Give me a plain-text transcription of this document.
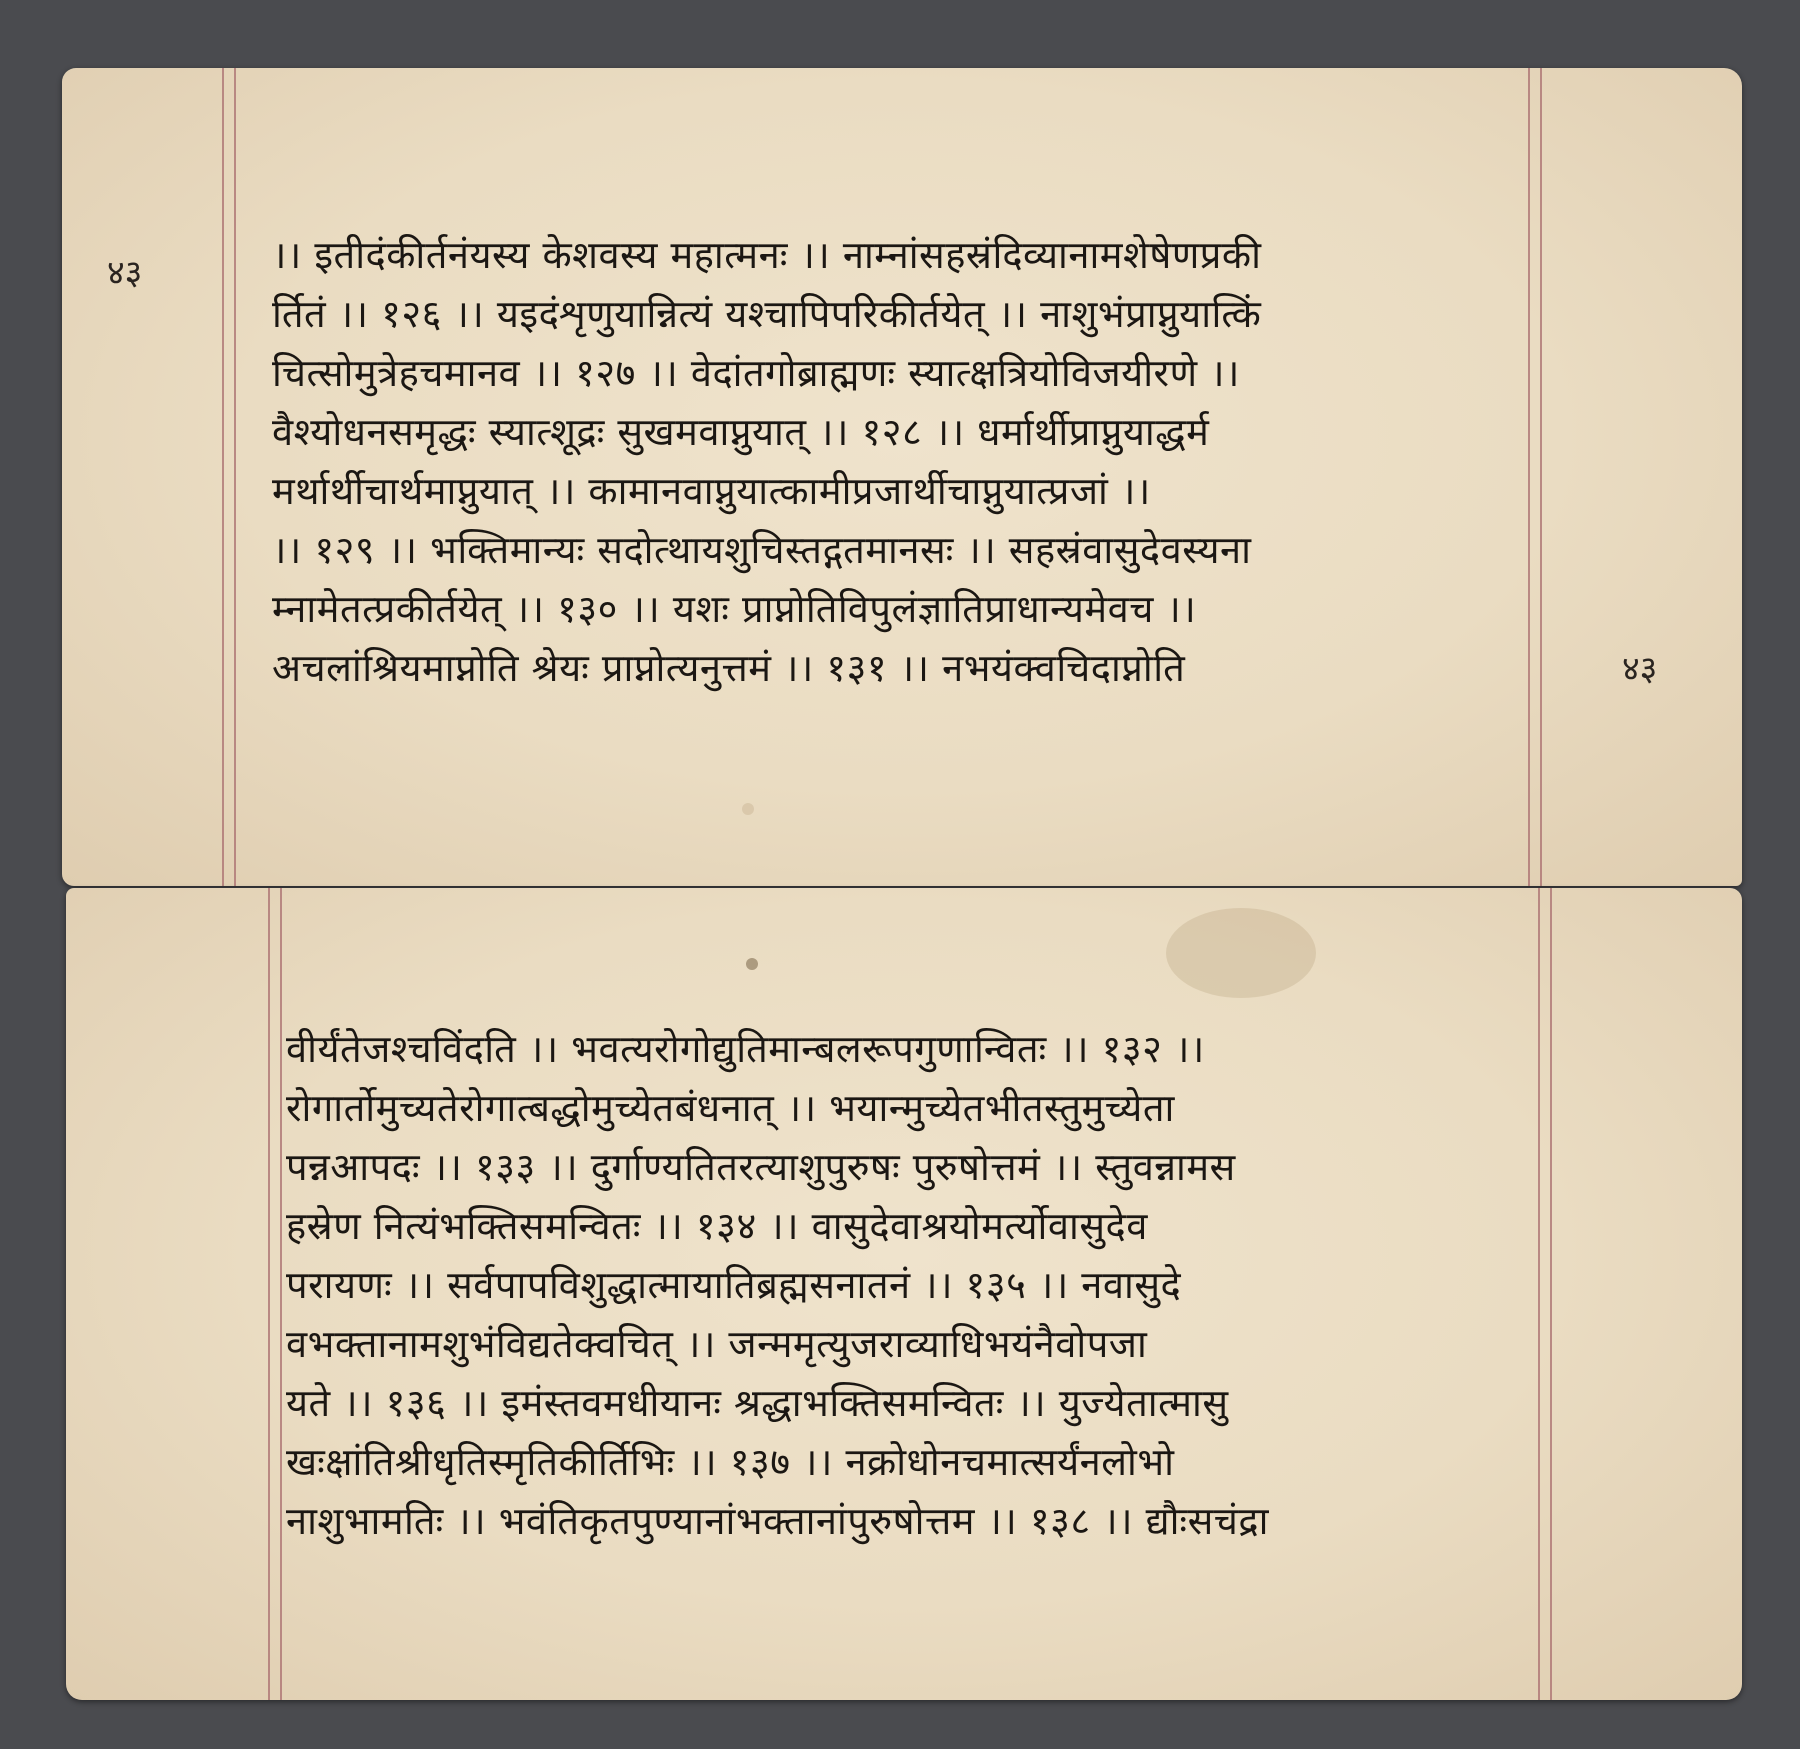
४३
४३
।। इतीदंकीर्तनंयस्य केशवस्य महात्मनः ।। नाम्नांसहस्रंदिव्यानामशेषेणप्रकी
र्तितं ।। १२६ ।। यइदंशृणुयान्नित्यं यश्चापिपरिकीर्तयेत् ।। नाशुभंप्राप्नुयात्किं
चित्सोमुत्रेहचमानव ।। १२७ ।। वेदांतगोब्राह्मणः स्यात्क्षत्रियोविजयीरणे ।।
वैश्योधनसमृद्धः स्यात्शूद्रः सुखमवाप्नुयात् ।। १२८ ।। धर्मार्थीप्राप्नुयाद्धर्म
मर्थार्थीचार्थमाप्नुयात् ।। कामानवाप्नुयात्कामीप्रजार्थीचाप्नुयात्प्रजां ।।
।। १२९ ।। भक्तिमान्यः सदोत्थायशुचिस्तद्गतमानसः ।। सहस्रंवासुदेवस्यना
म्नामेतत्प्रकीर्तयेत् ।। १३० ।। यशः प्राप्नोतिविपुलंज्ञातिप्राधान्यमेवच ।।
अचलांश्रियमाप्नोति श्रेयः प्राप्नोत्यनुत्तमं ।। १३१ ।। नभयंक्वचिदाप्नोति
वीर्यंतेजश्चविंदति ।। भवत्यरोगोद्युतिमान्बलरूपगुणान्वितः ।। १३२ ।।
रोगार्तोमुच्यतेरोगात्बद्धोमुच्येतबंधनात् ।। भयान्मुच्येतभीतस्तुमुच्येता
पन्नआपदः ।। १३३ ।। दुर्गाण्यतितरत्याशुपुरुषः पुरुषोत्तमं ।। स्तुवन्नामस
हस्रेण नित्यंभक्तिसमन्वितः ।। १३४ ।। वासुदेवाश्रयोमर्त्योवासुदेव
परायणः ।। सर्वपापविशुद्धात्मायातिब्रह्मसनातनं ।। १३५ ।। नवासुदे
वभक्तानामशुभंविद्यतेक्वचित् ।। जन्ममृत्युजराव्याधिभयंनैवोपजा
यते ।। १३६ ।। इमंस्तवमधीयानः श्रद्धाभक्तिसमन्वितः ।। युज्येतात्मासु
खःक्षांतिश्रीधृतिस्मृतिकीर्तिभिः ।। १३७ ।। नक्रोधोनचमात्सर्यंनलोभो
नाशुभामतिः ।। भवंतिकृतपुण्यानांभक्तानांपुरुषोत्तम ।। १३८ ।। द्यौःसचंद्रा
